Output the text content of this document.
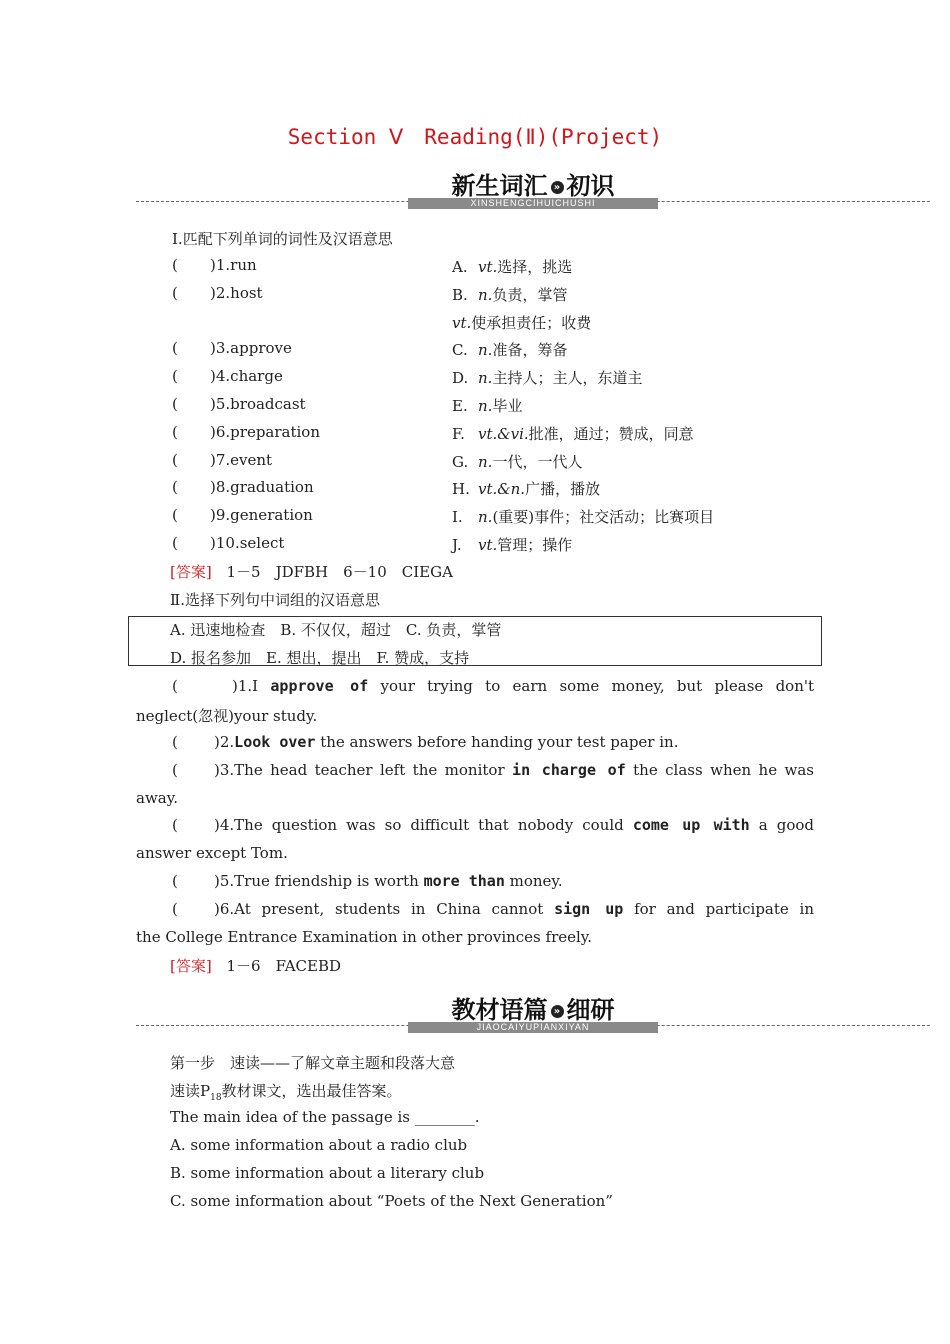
Section Ⅴ　Reading(Ⅱ)(Project)
XINSHENGCIHUICHUSHI
新生词汇 » 初识
Ⅰ.匹配下列单词的词性及汉语意思
( )1.run
( )2.host
( )3.approve
( )4.charge
( )5.broadcast
( )6.preparation
( )7.event
( )8.graduation
( )9.generation
( )10.select
A. vt.选择，挑选
B. n.负责，掌管
vt.使承担责任；收费
C. n.准备，筹备
D. n.主持人；主人，东道主
E. n.毕业
F. vt.&vi.批准，通过；赞成，同意
G. n.一代，一代人
H. vt.&n.广播，播放
I. n.(重要)事件；社交活动；比赛项目
J. vt.管理；操作
[答案] 1－5　JDFBH　6－10　CIEGA
Ⅱ.选择下列句中词组的汉语意思
A. 迅速地检查　B. 不仅仅，超过　C. 负责，掌管
D. 报名参加　E. 想出，提出　F. 赞成，支持
(	)1.I approve of your trying to earn some money, but please don't
neglect(忽视)your study.
( )2.Look over the answers before handing your test paper in.
( )3.The head teacher left the monitor in charge of the class when he was
away.
( )4.The question was so difficult that nobody could come up with a good
answer except Tom.
( )5.True friendship is worth more than money.
( )6.At present, students in China cannot sign up for and participate in
the College Entrance Examination in other provinces freely.
[答案] 1－6　FACEBD
JIAOCAIYUPIANXIYAN
教材语篇 » 细研
第一步　速读——了解文章主题和段落大意
速读$P_{18}$教材课文，选出最佳答案。
The main idea of the passage is ________.
A. some information about a radio club
B. some information about a literary club
C. some information about “Poets of the Next Generation”
